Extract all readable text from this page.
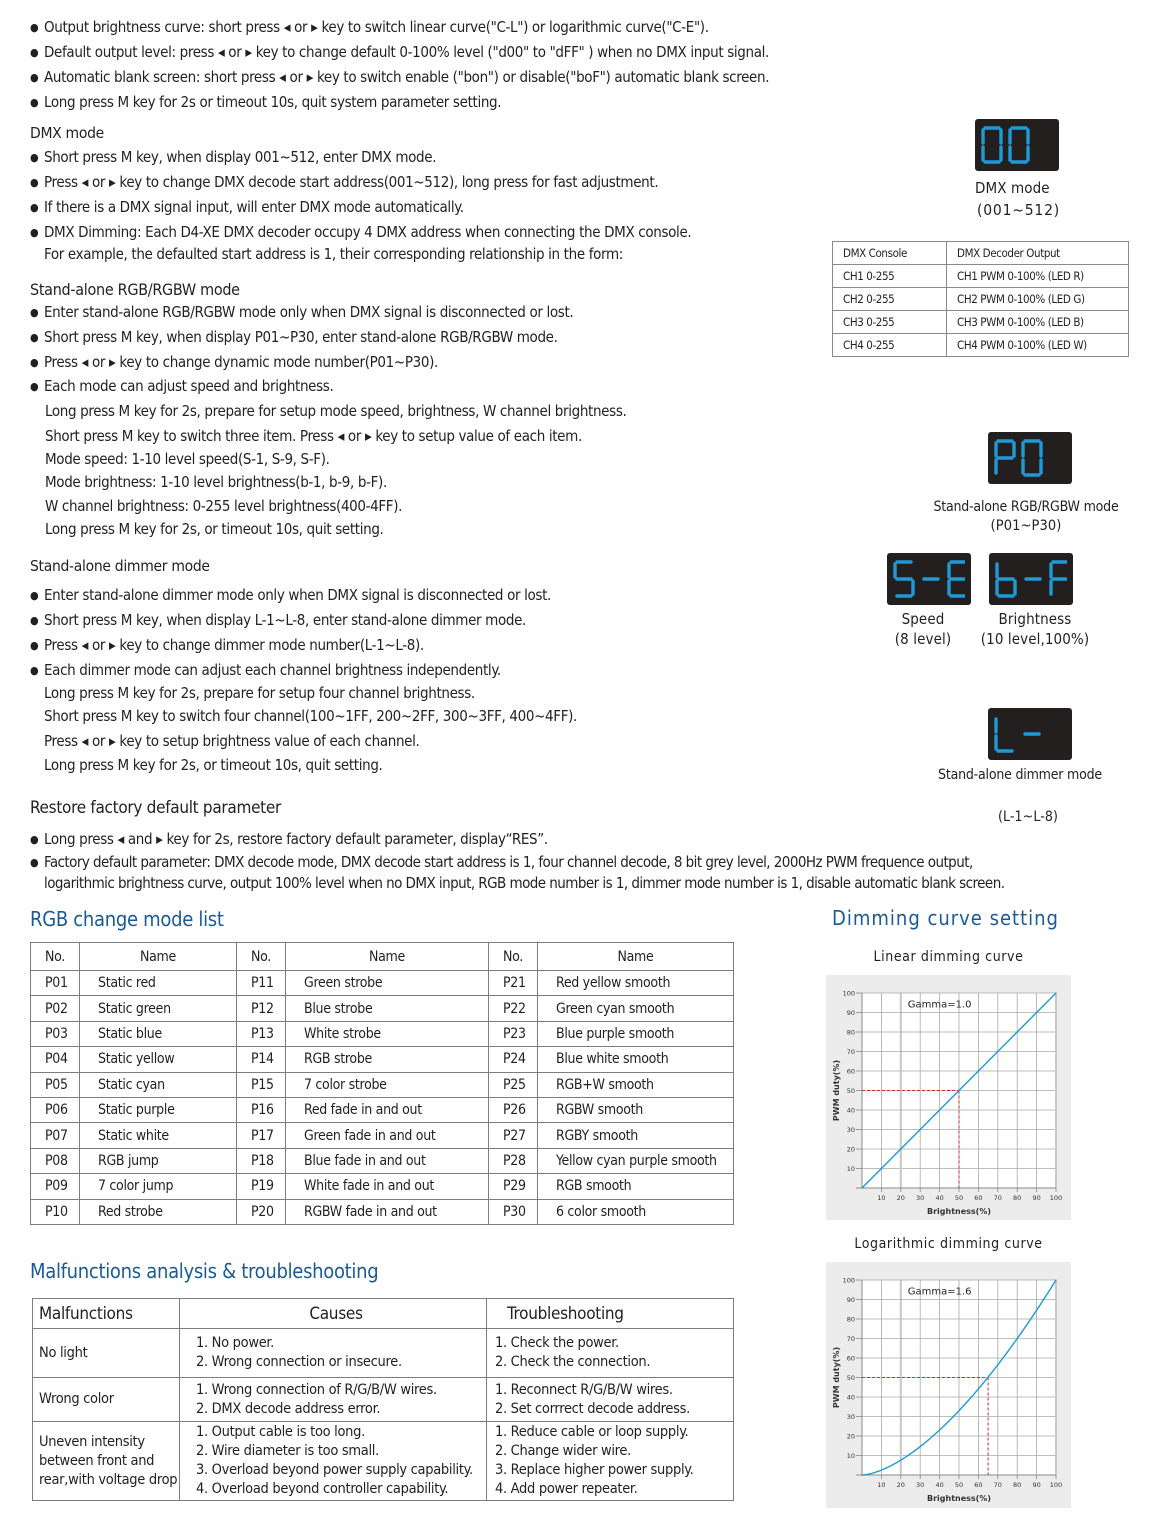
● Output brightness curve: short press ◂ or ▸ key to switch linear curve("C-L") or logarithmic curve("C-E").
● Default output level: press ◂ or ▸ key to change default 0-100% level ("d00" to "dFF" ) when no DMX input signal.
● Automatic blank screen: short press ◂ or ▸ key to switch enable ("bon") or disable("boF") automatic blank screen.
● Long press M key for 2s or timeout 10s, quit system parameter setting.
DMX mode
● Short press M key, when display 001~512, enter DMX mode.
● Press ◂ or ▸ key to change DMX decode start address(001~512), long press for fast adjustment.
● If there is a DMX signal input, will enter DMX mode automatically.
● DMX Dimming: Each D4-XE DMX decoder occupy 4 DMX address when connecting the DMX console.
For example, the defaulted start address is 1, their corresponding relationship in the form:
DMX mode
(001~512)
DMX Console	DMX Decoder Output
CH1 0-255	CH1 PWM 0-100% (LED R)
CH2 0-255	CH2 PWM 0-100% (LED G)
CH3 0-255	CH3 PWM 0-100% (LED B)
CH4 0-255	CH4 PWM 0-100% (LED W)
Stand-alone RGB/RGBW mode
● Enter stand-alone RGB/RGBW mode only when DMX signal is disconnected or lost.
● Short press M key, when display P01~P30, enter stand-alone RGB/RGBW mode.
● Press ◂ or ▸ key to change dynamic mode number(P01~P30).
● Each mode can adjust speed and brightness.
Long press M key for 2s, prepare for setup mode speed, brightness, W channel brightness.
Short press M key to switch three item. Press ◂ or ▸ key to setup value of each item.
Mode speed: 1-10 level speed(S-1, S-9, S-F).
Mode brightness: 1-10 level brightness(b-1, b-9, b-F).
W channel brightness: 0-255 level brightness(400-4FF).
Long press M key for 2s, or timeout 10s, quit setting.
Stand-alone RGB/RGBW mode
(P01~P30)
Speed
(8 level)
Brightness
(10 level,100%)
Stand-alone dimmer mode
● Enter stand-alone dimmer mode only when DMX signal is disconnected or lost.
● Short press M key, when display L-1~L-8, enter stand-alone dimmer mode.
● Press ◂ or ▸ key to change dimmer mode number(L-1~L-8).
● Each dimmer mode can adjust each channel brightness independently.
Long press M key for 2s, prepare for setup four channel brightness.
Short press M key to switch four channel(100~1FF, 200~2FF, 300~3FF, 400~4FF).
Press ◂ or ▸ key to setup brightness value of each channel.
Long press M key for 2s, or timeout 10s, quit setting.
Stand-alone dimmer mode
(L-1~L-8)
Restore factory default parameter
● Long press ◂ and ▸ key for 2s, restore factory default parameter, display“RES”.
● Factory default parameter: DMX decode mode, DMX decode start address is 1, four channel decode, 8 bit grey level, 2000Hz PWM frequence output,
logarithmic brightness curve, output 100% level when no DMX input, RGB mode number is 1, dimmer mode number is 1, disable automatic blank screen.
RGB change mode list
No.	Name	No.	Name	No.	Name
P01	Static red	P11	Green strobe	P21	Red yellow smooth
P02	Static green	P12	Blue strobe	P22	Green cyan smooth
P03	Static blue	P13	White strobe	P23	Blue purple smooth
P04	Static yellow	P14	RGB strobe	P24	Blue white smooth
P05	Static cyan	P15	7 color strobe	P25	RGB+W smooth
P06	Static purple	P16	Red fade in and out	P26	RGBW smooth
P07	Static white	P17	Green fade in and out	P27	RGBY smooth
P08	RGB jump	P18	Blue fade in and out	P28	Yellow cyan purple smooth
P09	7 color jump	P19	White fade in and out	P29	RGB smooth
P10	Red strobe	P20	RGBW fade in and out	P30	6 color smooth
Malfunctions analysis & troubleshooting
Malfunctions	Causes	Troubleshooting

No light	1. No power.
2. Wrong connection or insecure.	1. Check the power.
2. Check the connection.

Wrong color	1. Wrong connection of R/G/B/W wires.
2. DMX decode address error.	1. Reconnect R/G/B/W wires.
2. Set corrrect decode address.

Uneven intensity
between front and
rear,with voltage drop	1. Output cable is too long.
2. Wire diameter is too small.
3. Overload beyond power supply capability.
4. Overload beyond controller capability.	1. Reduce cable or loop supply.
2. Change wider wire.
3. Replace higher power supply.
4. Add power repeater.
Dimming curve setting
Linear dimming curve
10
20
30
40
50
60
70
80
90
100
10 20 30 40 50 60 70 80 90 100
Brightness(%)
PWM duty(%)
Gamma=1.0
Logarithmic dimming curve
10
20
30
40
50
60
70
80
90
100
10 20 30 40 50 60 70 80 90 100
Brightness(%)
PWM duty(%)
Gamma=1.6
